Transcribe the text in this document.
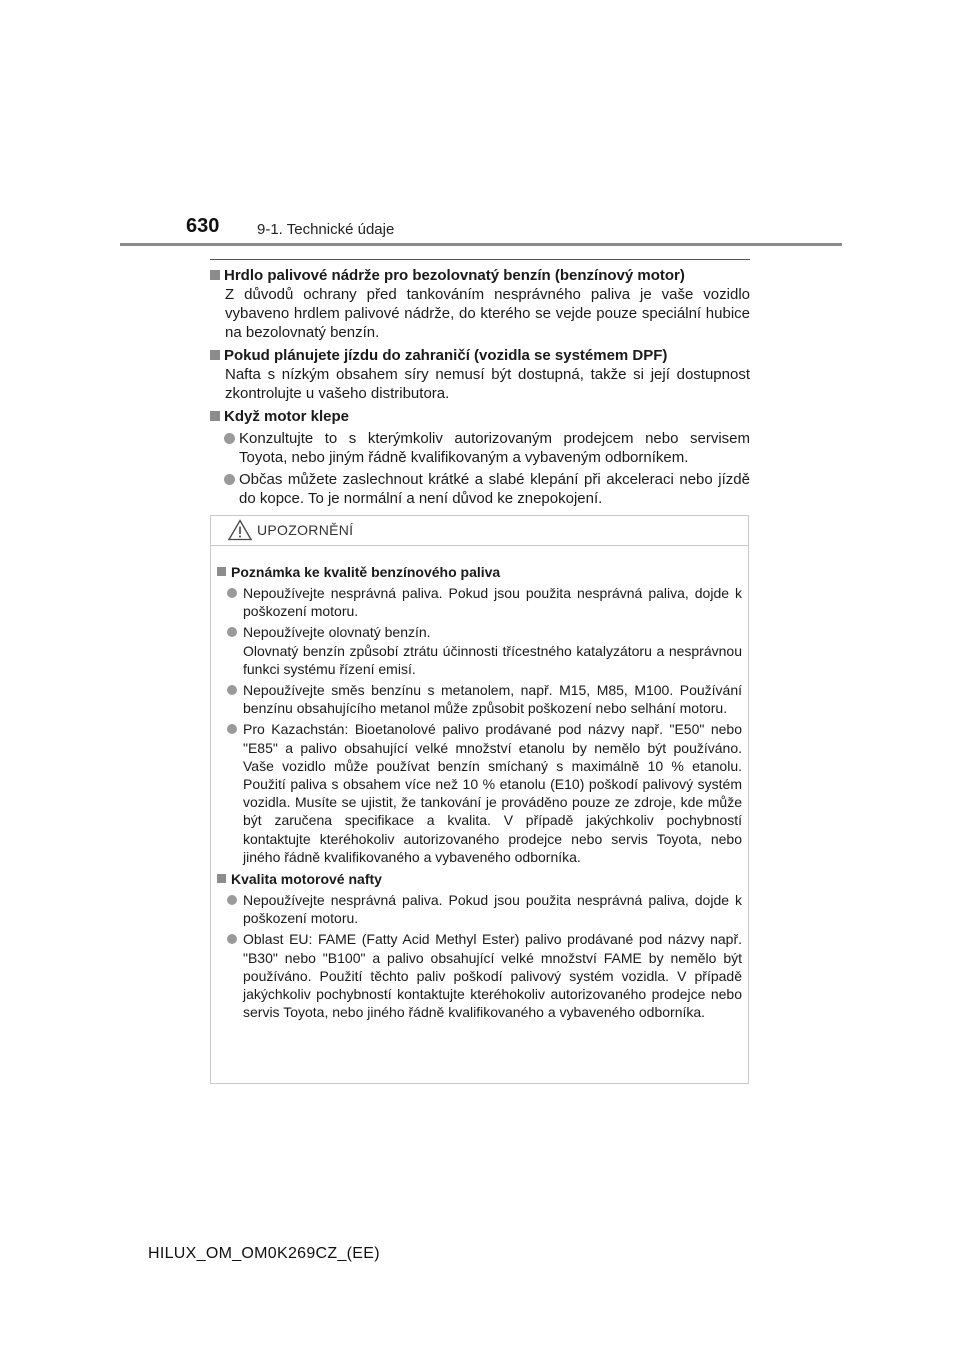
630	9-1. Technické údaje
Hrdlo palivové nádrže pro bezolovnatý benzín (benzínový motor)
Z důvodů ochrany před tankováním nesprávného paliva je vaše vozidlo vybaveno hrdlem palivové nádrže, do kterého se vejde pouze speciální hubice na bezolovnatý benzín.
Pokud plánujete jízdu do zahraničí (vozidla se systémem DPF)
Nafta s nízkým obsahem síry nemusí být dostupná, takže si její dostupnost zkontrolujte u vašeho distributora.
Když motor klepe
Konzultujte to s kterýmkoliv autorizovaným prodejcem nebo servisem Toyota, nebo jiným řádně kvalifikovaným a vybaveným odborníkem.
Občas můžete zaslechnout krátké a slabé klepání při akceleraci nebo jízdě do kopce. To je normální a není důvod ke znepokojení.
UPOZORNĚNÍ
Poznámka ke kvalitě benzínového paliva
Nepoužívejte nesprávná paliva. Pokud jsou použita nesprávná paliva, dojde k poškození motoru.
Nepoužívejte olovnatý benzín.
Olovnatý benzín způsobí ztrátu účinnosti třícestného katalyzátoru a nesprávnou funkci systému řízení emisí.
Nepoužívejte směs benzínu s metanolem, např. M15, M85, M100. Používání benzínu obsahujícího metanol může způsobit poškození nebo selhání motoru.
Pro Kazachstán: Bioetanolové palivo prodávané pod názvy např. "E50" nebo "E85" a palivo obsahující velké množství etanolu by nemělo být používáno. Vaše vozidlo může používat benzín smíchaný s maximálně 10 % etanolu. Použití paliva s obsahem více než 10 % etanolu (E10) poškodí palivový systém vozidla. Musíte se ujistit, že tankování je prováděno pouze ze zdroje, kde může být zaručena specifikace a kvalita. V případě jakýchkoliv pochybností kontaktujte kteréhokoliv autorizovaného prodejce nebo servis Toyota, nebo jiného řádně kvalifikovaného a vybaveného odborníka.
Kvalita motorové nafty
Nepoužívejte nesprávná paliva. Pokud jsou použita nesprávná paliva, dojde k poškození motoru.
Oblast EU: FAME (Fatty Acid Methyl Ester) palivo prodávané pod názvy např. "B30" nebo "B100" a palivo obsahující velké množství FAME by nemělo být používáno. Použití těchto paliv poškodí palivový systém vozidla. V případě jakýchkoliv pochybností kontaktujte kteréhokoliv autorizovaného prodejce nebo servis Toyota, nebo jiného řádně kvalifikovaného a vybaveného odborníka.
HILUX_OM_OM0K269CZ_(EE)
